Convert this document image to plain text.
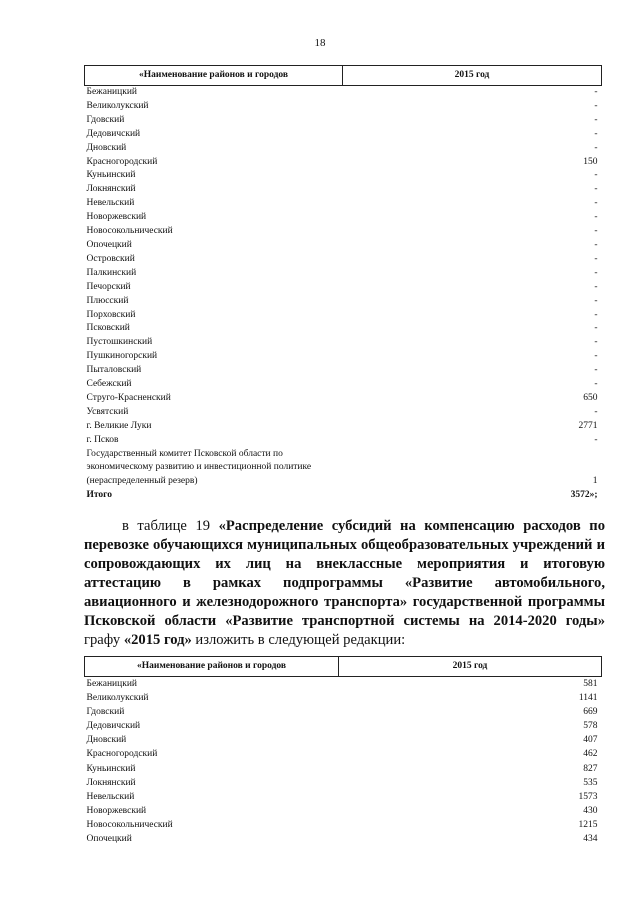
18
«Наименование районов и городов	2015 год
Бежаницкий	-
Великолукский	-
Гдовский	-
Дедовичский	-
Дновский	-
Красногородский	150
Куньинский	-
Локнянский	-
Невельский	-
Новоржевский	-
Новосокольнический	-
Опочецкий	-
Островский	-
Палкинский	-
Печорский	-
Плюсский	-
Порховский	-
Псковский	-
Пустошкинский	-
Пушкиногорский	-
Пыталовский	-
Себежский	-
Струго-Красненский	650
Усвятский	-
г. Великие Луки	2771
г. Псков	-
Государственный комитет Псковской области по экономическому развитию и инвестиционной политике (нераспределенный резерв)	1
Итого	3572»;
в таблице 19 «Распределение субсидий на компенсацию расходов по перевозке обучающихся муниципальных общеобразовательных учреждений и сопровождающих их лиц на внеклассные мероприятия и итоговую аттестацию в рамках подпрограммы «Развитие автомобильного, авиационного и железнодорожного транспорта» государственной программы Псковской области «Развитие транспортной системы на 2014-2020 годы» графу «2015 год» изложить в следующей редакции:
«Наименование районов и городов	2015 год
Бежаницкий	581
Великолукский	1141
Гдовский	669
Дедовичский	578
Дновский	407
Красногородский	462
Куньинский	827
Локнянский	535
Невельский	1573
Новоржевский	430
Новосокольнический	1215
Опочецкий	434
